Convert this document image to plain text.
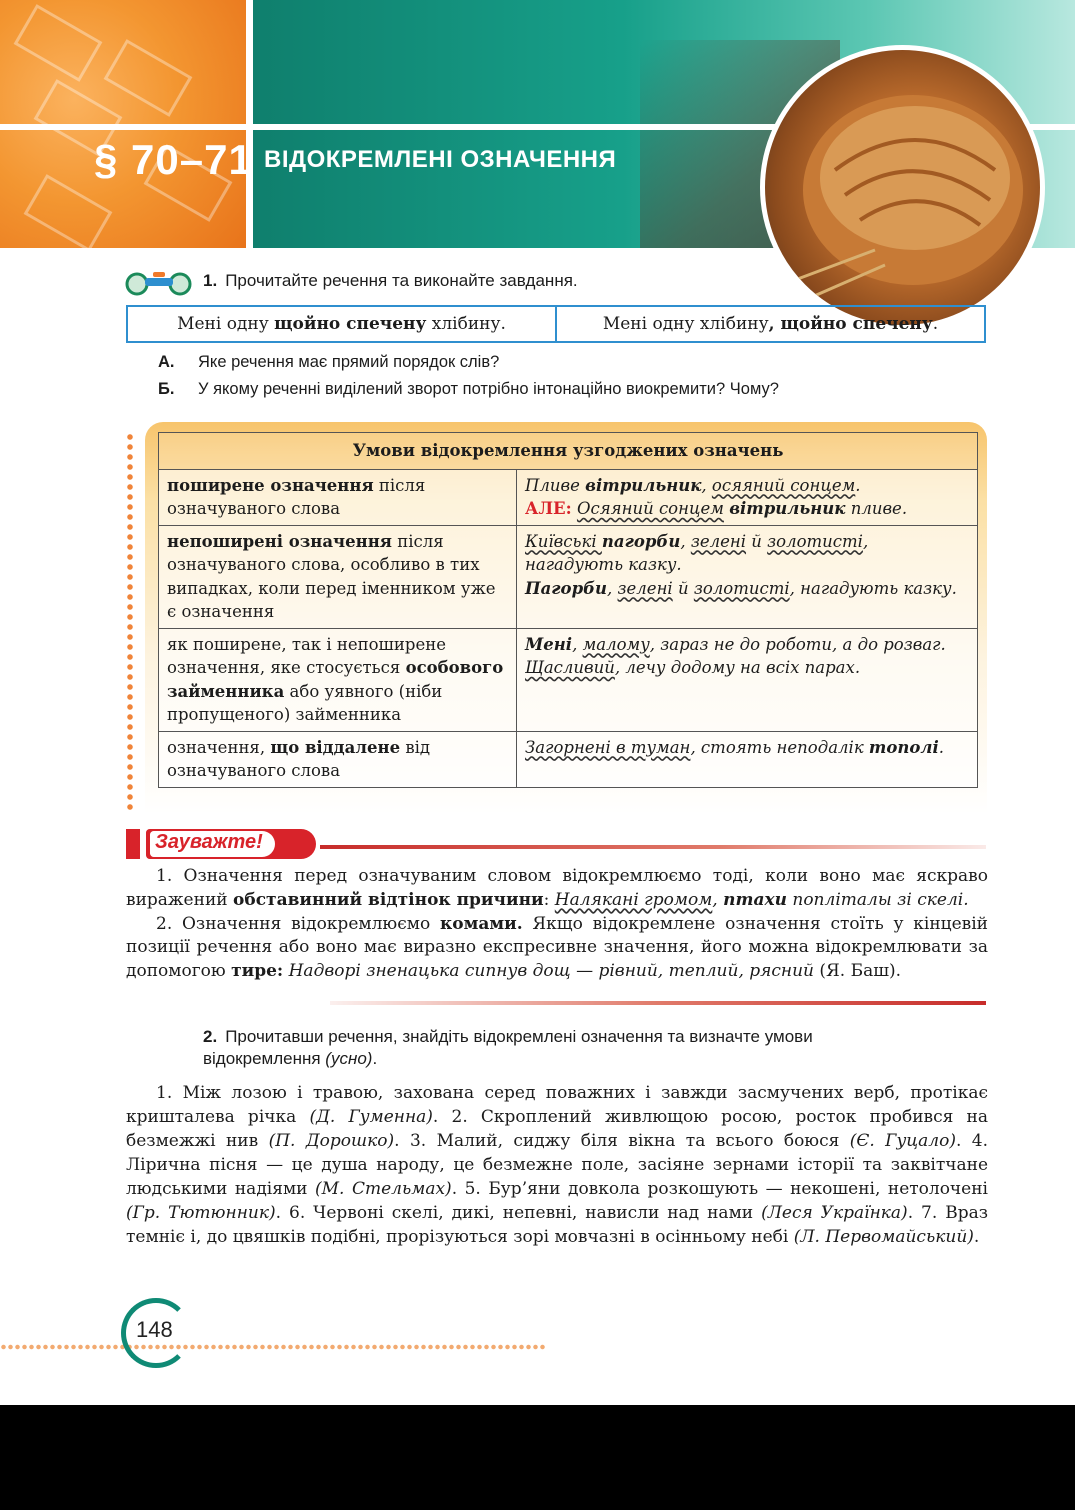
§ 70–71 ВІДОКРЕМЛЕНІ ОЗНАЧЕННЯ
1. Прочитайте речення та виконайте завдання.
Мені одну щойно спечену хлібину.	Мені одну хлібину, щойно спечену.
А. Яке речення має прямий порядок слів?
Б. У якому реченні виділений зворот потрібно інтонаційно виокремити? Чому?
Умови відокремлення узгоджених означень	
поширене означення після означуваного слова	Пливе вітрильник, осяяний сонцем.
АЛЕ: Осяяний сонцем вітрильник пливе.
непоширені означення після означуваного слова, особливо в тих випадках, коли перед іменником уже є означення	Київські пагорби, зелені й золотисті, нагадують казку.
Пагорби, зелені й золотисті, нагадують казку.
як поширене, так і непоширене означення, яке стосується особового займенника або уявного (ніби пропущеного) займенника	Мені, малому, зараз не до роботи, а до розваг.
Щасливий, лечу додому на всіх парах.
означення, що віддалене від означуваного слова	Загорнені в туман, стоять неподалік тополі.
Зауважте!

1. Означення перед означуваним словом відокремлюємо тоді, коли воно має яскраво виражений обставинний відтінок причини: Налякані громом, птахи попліталы зі скелі.

2. Означення відокремлюємо комами. Якщо відокремлене означення стоїть у кінцевій позиції речення або воно має виразно експресивне значення, його можна відокремлювати за допомогою тире: Надворі зненацька сипнув дощ — рівний, теплий, рясний (Я. Баш).

2. Прочитавши речення, знайдіть відокремлені означення та визначте умови відокремлення (усно).

1. Між лозою і травою, захована серед поважних і завжди засмучених верб, протікає кришталева річка (Д. Гуменна). 2. Скроплений живлющою росою, росток пробився на безмежжі нив (П. Дорошко). 3. Малий, сиджу біля вікна та всього боюся (Є. Гуцало). 4. Лірична пісня — це душа народу, це безмежне поле, засіяне зернами історії та заквітчане людськими надіями (М. Стельмах). 5. Бур’яни довкола розкошують — некошені, нетолочені (Гр. Тютюнник). 6. Червоні скелі, дикі, непевні, нависли над нами (Леся Українка). 7. Враз темніє і, до цвяшків подібні, прорізуються зорі мовчазні в осінньому небі (Л. Первомайський).

148
